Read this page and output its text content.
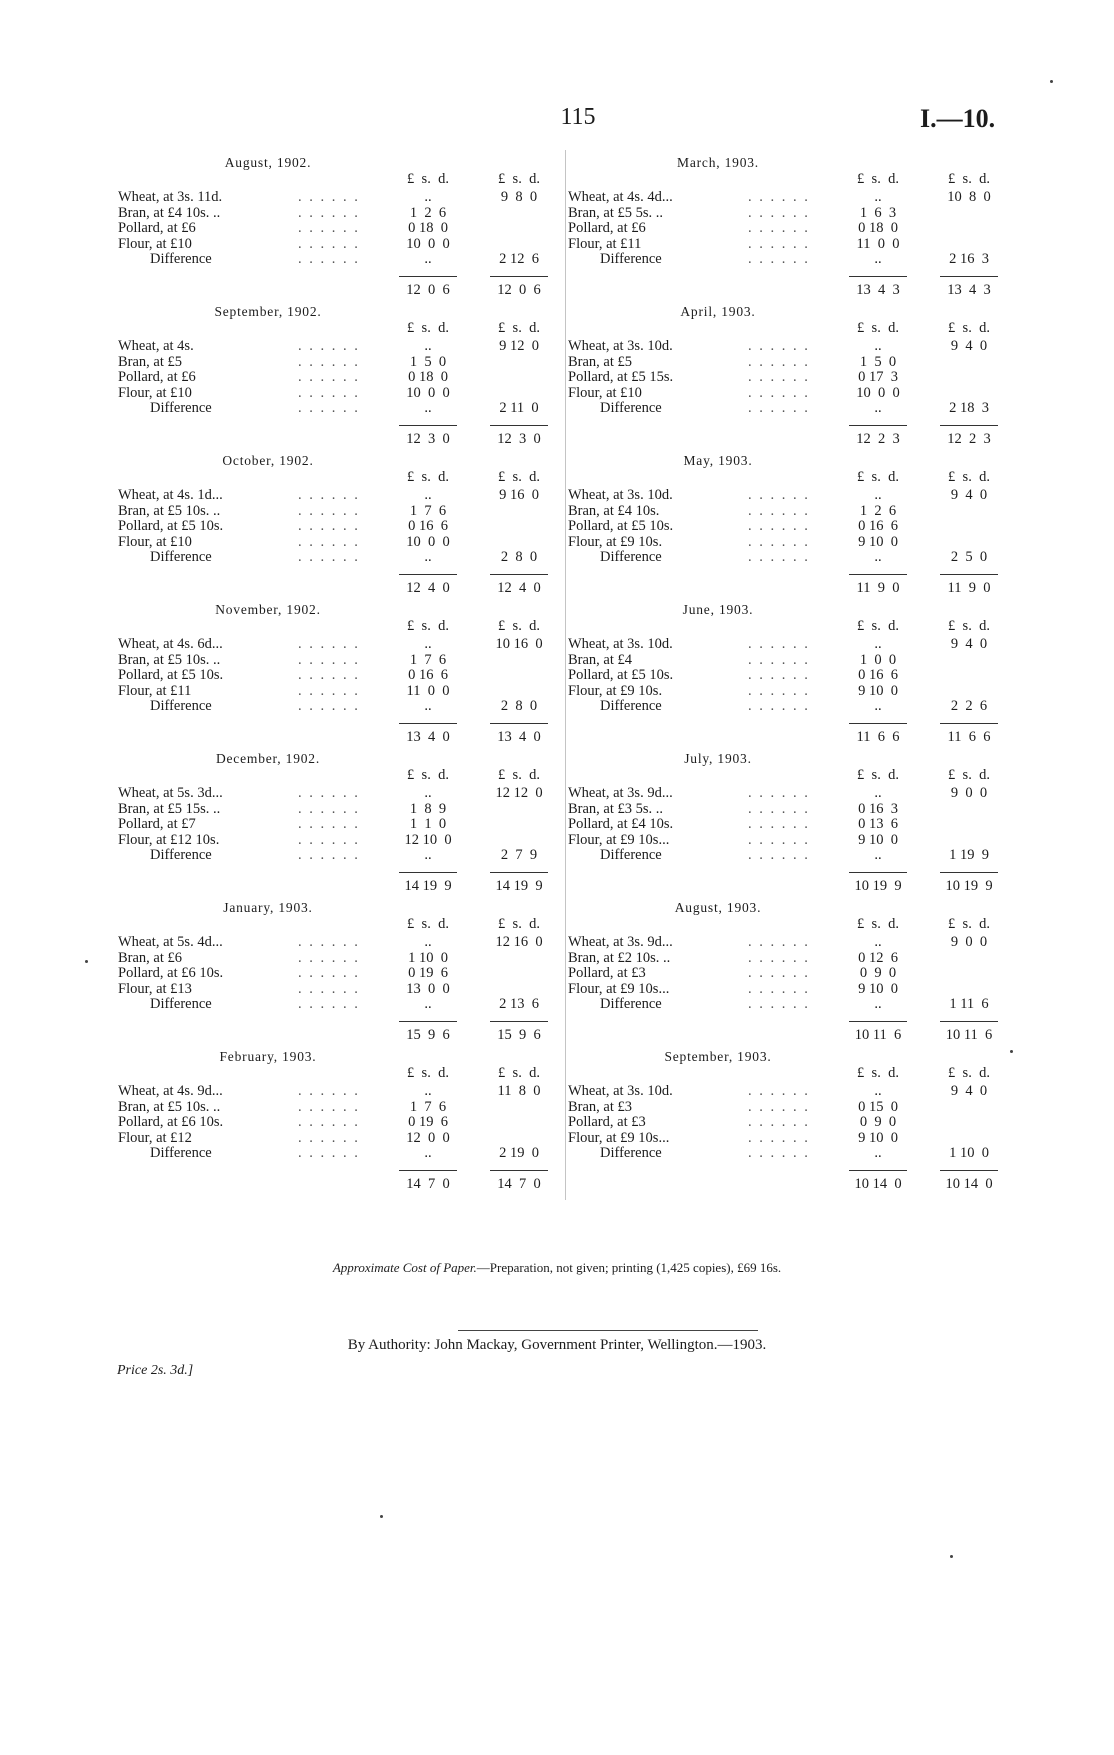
115	I.—10.
August, 1902.
£  s.  d.	£  s.  d.
Wheat, at 3s. 11d.	. . . . . .	..	9  8  0
Bran, at £4 10s. ..	. . . . . .	1  2  6
Pollard, at £6	. . . . . .	0 18  0
Flour, at £10	. . . . . .	10  0  0
Difference	. . . . . .	..	2 12  6
12  0  6	12  0  6
September, 1902.
£  s.  d.	£  s.  d.
Wheat, at 4s.	. . . . . .	..	9 12  0
Bran, at £5	. . . . . .	1  5  0
Pollard, at £6	. . . . . .	0 18  0
Flour, at £10	. . . . . .	10  0  0
Difference	. . . . . .	..	2 11  0
12  3  0	12  3  0
October, 1902.
£  s.  d.	£  s.  d.
Wheat, at 4s. 1d...	. . . . . .	..	9 16  0
Bran, at £5 10s. ..	. . . . . .	1  7  6
Pollard, at £5 10s.	. . . . . .	0 16  6
Flour, at £10	. . . . . .	10  0  0
Difference	. . . . . .	..	2  8  0
12  4  0	12  4  0
November, 1902.
£  s.  d.	£  s.  d.
Wheat, at 4s. 6d...	. . . . . .	..	10 16  0
Bran, at £5 10s. ..	. . . . . .	1  7  6
Pollard, at £5 10s.	. . . . . .	0 16  6
Flour, at £11	. . . . . .	11  0  0
Difference	. . . . . .	..	2  8  0
13  4  0	13  4  0
December, 1902.
£  s.  d.	£  s.  d.
Wheat, at 5s. 3d...	. . . . . .	..	12 12  0
Bran, at £5 15s. ..	. . . . . .	1  8  9
Pollard, at £7	. . . . . .	1  1  0
Flour, at £12 10s.	. . . . . .	12 10  0
Difference	. . . . . .	..	2  7  9
14 19  9	14 19  9
January, 1903.
£  s.  d.	£  s.  d.
Wheat, at 5s. 4d...	. . . . . .	..	12 16  0
Bran, at £6	. . . . . .	1 10  0
Pollard, at £6 10s.	. . . . . .	0 19  6
Flour, at £13	. . . . . .	13  0  0
Difference	. . . . . .	..	2 13  6
15  9  6	15  9  6
February, 1903.
£  s.  d.	£  s.  d.
Wheat, at 4s. 9d...	. . . . . .	..	11  8  0
Bran, at £5 10s. ..	. . . . . .	1  7  6
Pollard, at £6 10s.	. . . . . .	0 19  6
Flour, at £12	. . . . . .	12  0  0
Difference	. . . . . .	..	2 19  0
14  7  0	14  7  0
March, 1903.
£  s.  d.	£  s.  d.
Wheat, at 4s. 4d...	. . . . . .	..	10  8  0
Bran, at £5 5s. ..	. . . . . .	1  6  3
Pollard, at £6	. . . . . .	0 18  0
Flour, at £11	. . . . . .	11  0  0
Difference	. . . . . .	..	2 16  3
13  4  3	13  4  3
April, 1903.
£  s.  d.	£  s.  d.
Wheat, at 3s. 10d.	. . . . . .	..	9  4  0
Bran, at £5	. . . . . .	1  5  0
Pollard, at £5 15s.	. . . . . .	0 17  3
Flour, at £10	. . . . . .	10  0  0
Difference	. . . . . .	..	2 18  3
12  2  3	12  2  3
May, 1903.
£  s.  d.	£  s.  d.
Wheat, at 3s. 10d.	. . . . . .	..	9  4  0
Bran, at £4 10s.	. . . . . .	1  2  6
Pollard, at £5 10s.	. . . . . .	0 16  6
Flour, at £9 10s.	. . . . . .	9 10  0
Difference	. . . . . .	..	2  5  0
11  9  0	11  9  0
June, 1903.
£  s.  d.	£  s.  d.
Wheat, at 3s. 10d.	. . . . . .	..	9  4  0
Bran, at £4	. . . . . .	1  0  0
Pollard, at £5 10s.	. . . . . .	0 16  6
Flour, at £9 10s.	. . . . . .	9 10  0
Difference	. . . . . .	..	2  2  6
11  6  6	11  6  6
July, 1903.
£  s.  d.	£  s.  d.
Wheat, at 3s. 9d...	. . . . . .	..	9  0  0
Bran, at £3 5s. ..	. . . . . .	0 16  3
Pollard, at £4 10s.	. . . . . .	0 13  6
Flour, at £9 10s...	. . . . . .	9 10  0
Difference	. . . . . .	..	1 19  9
10 19  9	10 19  9
August, 1903.
£  s.  d.	£  s.  d.
Wheat, at 3s. 9d...	. . . . . .	..	9  0  0
Bran, at £2 10s. ..	. . . . . .	0 12  6
Pollard, at £3	. . . . . .	0  9  0
Flour, at £9 10s...	. . . . . .	9 10  0
Difference	. . . . . .	..	1 11  6
10 11  6	10 11  6
September, 1903.
£  s.  d.	£  s.  d.
Wheat, at 3s. 10d.	. . . . . .	..	9  4  0
Bran, at £3	. . . . . .	0 15  0
Pollard, at £3	. . . . . .	0  9  0
Flour, at £9 10s...	. . . . . .	9 10  0
Difference	. . . . . .	..	1 10  0
10 14  0	10 14  0
Approximate Cost of Paper.—Preparation, not given; printing (1,425 copies), £69 16s.
By Authority: John Mackay, Government Printer, Wellington.—1903.
Price 2s. 3d.]
